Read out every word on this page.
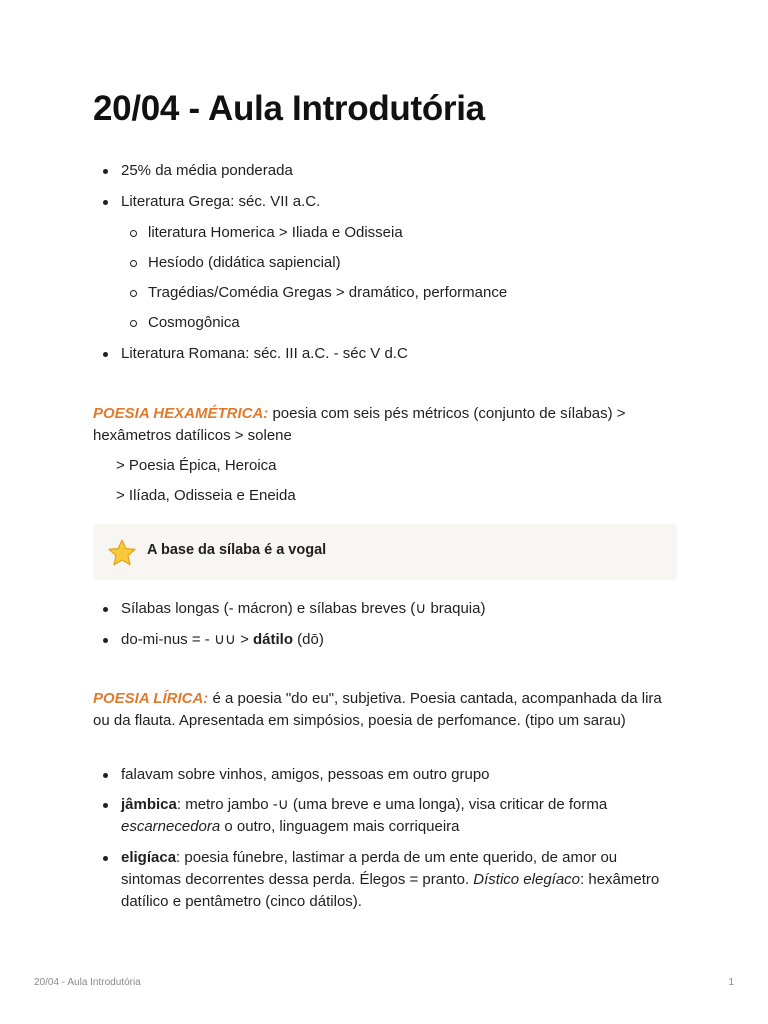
20/04 - Aula Introdutória
25% da média ponderada
Literatura Grega: séc. VII a.C.
literatura Homerica > Iliada e Odisseia
Hesíodo (didática sapiencial)
Tragédias/Comédia Gregas > dramático, performance
Cosmogônica
Literatura Romana: séc. III a.C. - séc V d.C

POESIA HEXAMÉTRICA: poesia com seis pés métricos (conjunto de sílabas) > hexâmetros datílicos > solene

> Poesia Épica, Heroica
> Ilíada, Odisseia e Eneida
A base da sílaba é a vogal
Sílabas longas (- mácron) e sílabas breves (∪ braquia)
do-mi-nus = - ∪∪ > dátilo (dō)

POESIA LÍRICA: é a poesia "do eu", subjetiva. Poesia cantada, acompanhada da lira ou da flauta. Apresentada em simpósios, poesia de perfomance. (tipo um sarau)

falavam sobre vinhos, amigos, pessoas em outro grupo
jâmbica: metro jambo -∪ (uma breve e uma longa), visa criticar de forma escarnecedora o outro, linguagem mais corriqueira
eligíaca: poesia fúnebre, lastimar a perda de um ente querido, de amor ou sintomas decorrentes dessa perda. Élegos = pranto. Dístico elegíaco: hexâmetro datílico e pentâmetro (cinco dátilos).
20/04 - Aula Introdutória	1
